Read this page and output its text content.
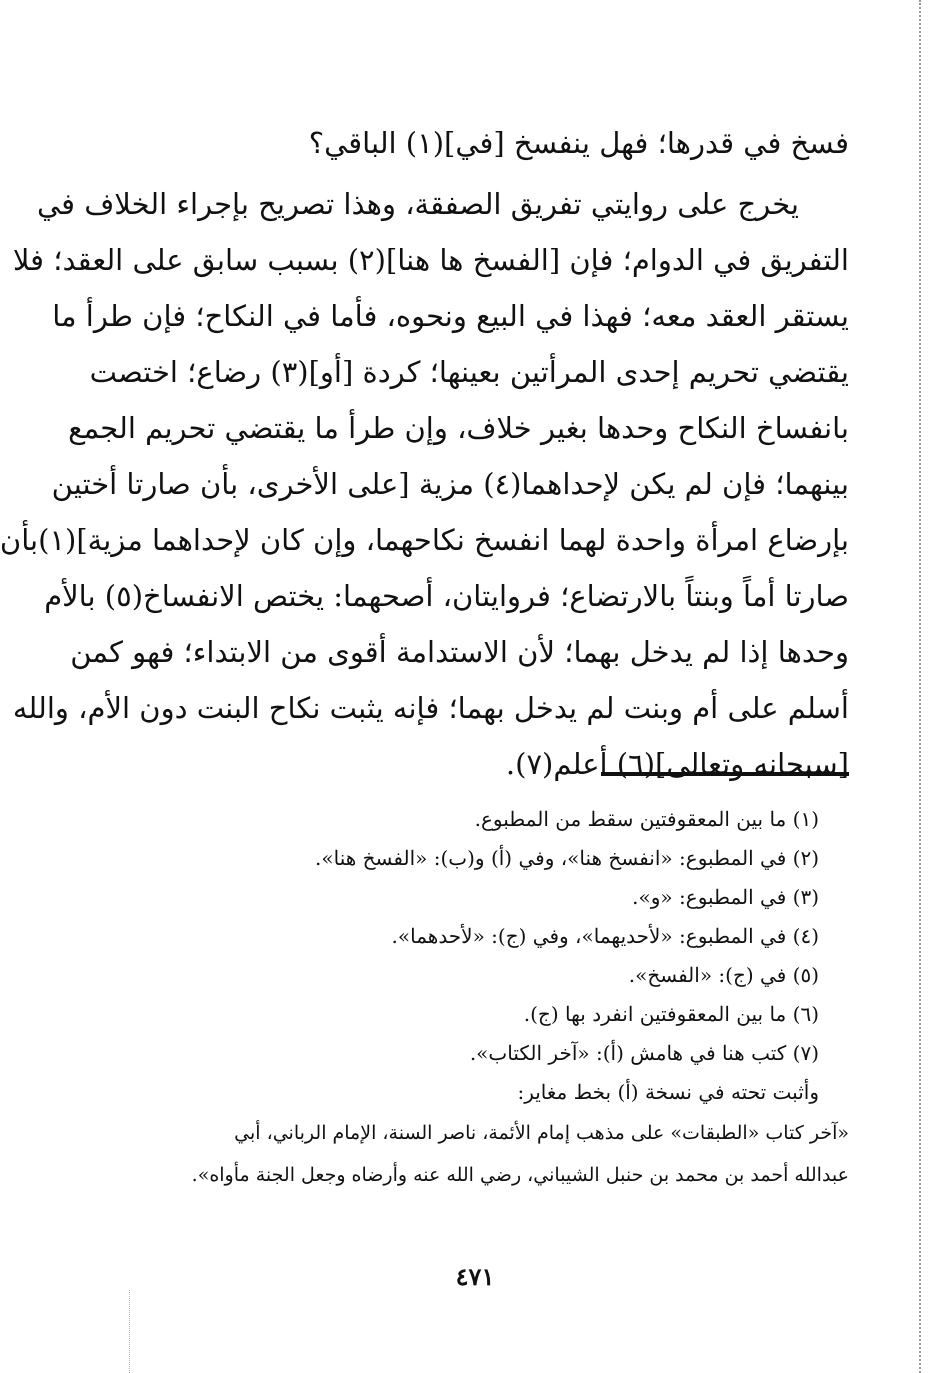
فسخ في قدرها؛ فهل ينفسخ [في](١) الباقي؟
يخرج على روايتي تفريق الصفقة، وهذا تصريح بإجراء الخلاف في
التفريق في الدوام؛ فإن [الفسخ ها هنا](٢) بسبب سابق على العقد؛ فلا
يستقر العقد معه؛ فهذا في البيع ونحوه، فأما في النكاح؛ فإن طرأ ما
يقتضي تحريم إحدى المرأتين بعينها؛ كردة [أو](٣) رضاع؛ اختصت
بانفساخ النكاح وحدها بغير خلاف، وإن طرأ ما يقتضي تحريم الجمع
بينهما؛ فإن لم يكن لإحداهما(٤) مزية [على الأخرى، بأن صارتا أختين
بإرضاع امرأة واحدة لهما انفسخ نكاحهما، وإن كان لإحداهما مزية](١)بأن
صارتا أماً وبنتاً بالارتضاع؛ فروايتان، أصحهما: يختص الانفساخ(٥) بالأم
وحدها إذا لم يدخل بهما؛ لأن الاستدامة أقوى من الابتداء؛ فهو كمن
أسلم على أم وبنت لم يدخل بهما؛ فإنه يثبت نكاح البنت دون الأم، والله
[سبحانه وتعالى](٦) أعلم(٧).
(١) ما بين المعقوفتين سقط من المطبوع.
(٢) في المطبوع: «انفسخ هنا»، وفي (أ) و(ب): «الفسخ هنا».
(٣) في المطبوع: «و».
(٤) في المطبوع: «لأحديهما»، وفي (ج): «لأحدهما».
(٥) في (ج): «الفسخ».
(٦) ما بين المعقوفتين انفرد بها (ج).
(٧) كتب هنا في هامش (أ): «آخر الكتاب».
وأثبت تحته في نسخة (أ) بخط مغاير:
«آخر كتاب «الطبقات» على مذهب إمام الأئمة، ناصر السنة، الإمام الرباني، أبي
عبدالله أحمد بن محمد بن حنبل الشيباني، رضي الله عنه وأرضاه وجعل الجنة مأواه».
٤٧١
